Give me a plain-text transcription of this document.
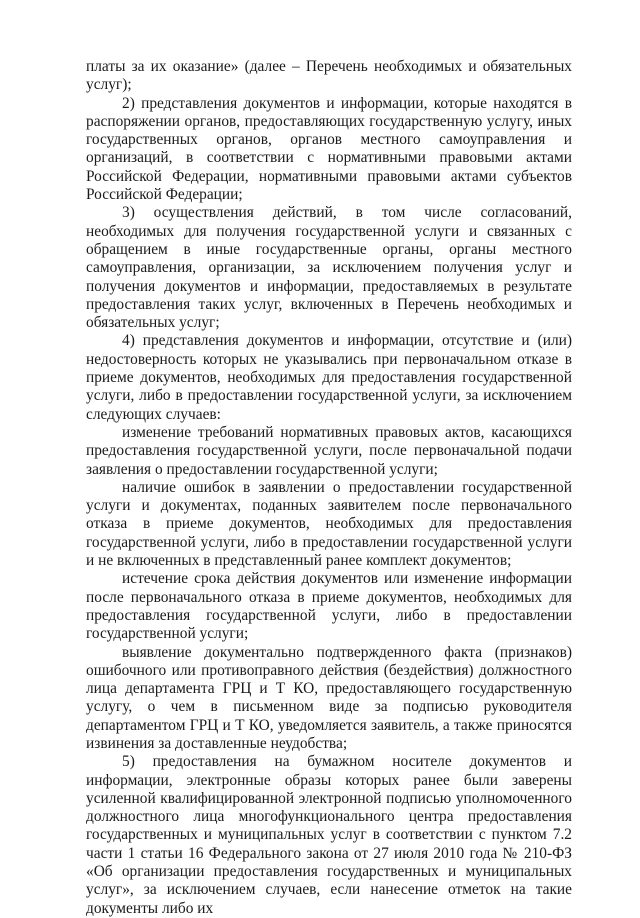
платы за их оказание» (далее – Перечень необходимых и обязательных услуг);

2) представления документов и информации, которые находятся в распоряжении органов, предоставляющих государственную услугу, иных государственных органов, органов местного самоуправления и организаций, в соответствии с нормативными правовыми актами Российской Федерации, нормативными правовыми актами субъектов Российской Федерации;

3) осуществления действий, в том числе согласований, необходимых для получения государственной услуги и связанных с обращением в иные государственные органы, органы местного самоуправления, организации, за исключением получения услуг и получения документов и информации, предоставляемых в результате предоставления таких услуг, включенных в Перечень необходимых и обязательных услуг;

4) представления документов и информации, отсутствие и (или) недостоверность которых не указывались при первоначальном отказе в приеме документов, необходимых для предоставления государственной услуги, либо в предоставлении государственной услуги, за исключением следующих случаев:

изменение требований нормативных правовых актов, касающихся предоставления государственной услуги, после первоначальной подачи заявления о предоставлении государственной услуги;

наличие ошибок в заявлении о предоставлении государственной услуги и документах, поданных заявителем после первоначального отказа в приеме документов, необходимых для предоставления государственной услуги, либо в предоставлении государственной услуги и не включенных в представленный ранее комплект документов;

истечение срока действия документов или изменение информации после первоначального отказа в приеме документов, необходимых для предоставления государственной услуги, либо в предоставлении государственной услуги;

выявление документально подтвержденного факта (признаков) ошибочного или противоправного действия (бездействия) должностного лица департамента ГРЦ и Т КО, предоставляющего государственную услугу, о чем в письменном виде за подписью руководителя департаментом ГРЦ и Т КО, уведомляется заявитель, а также приносятся извинения за доставленные неудобства;

5) предоставления на бумажном носителе документов и информации, электронные образы которых ранее были заверены усиленной квалифицированной электронной подписью уполномоченного должностного лица многофункционального центра предоставления государственных и муниципальных услуг в соответствии с пунктом 7.2 части 1 статьи 16 Федерального закона от 27 июля 2010 года № 210-ФЗ «Об организации предоставления государственных и муниципальных услуг», за исключением случаев, если нанесение отметок на такие документы либо их
